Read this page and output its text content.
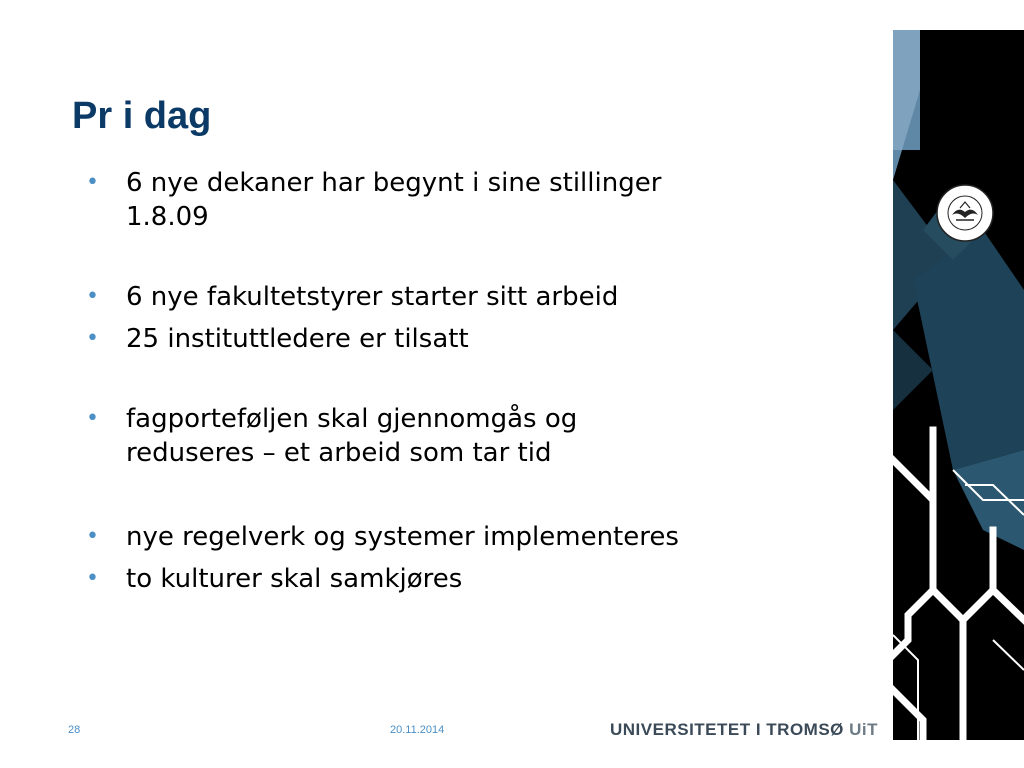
Pr i dag
• 6 nye dekaner har begynt i sine stillinger
1.8.09
• 6 nye fakultetstyrer starter sitt arbeid
• 25 instituttledere er tilsatt
• fagporteføljen skal gjennomgås og
reduseres – et arbeid som tar tid
• nye regelverk og systemer implementeres
• to kulturer skal samkjøres
28	20.11.2014	UNIVERSITETET I TROMSØ UiT
